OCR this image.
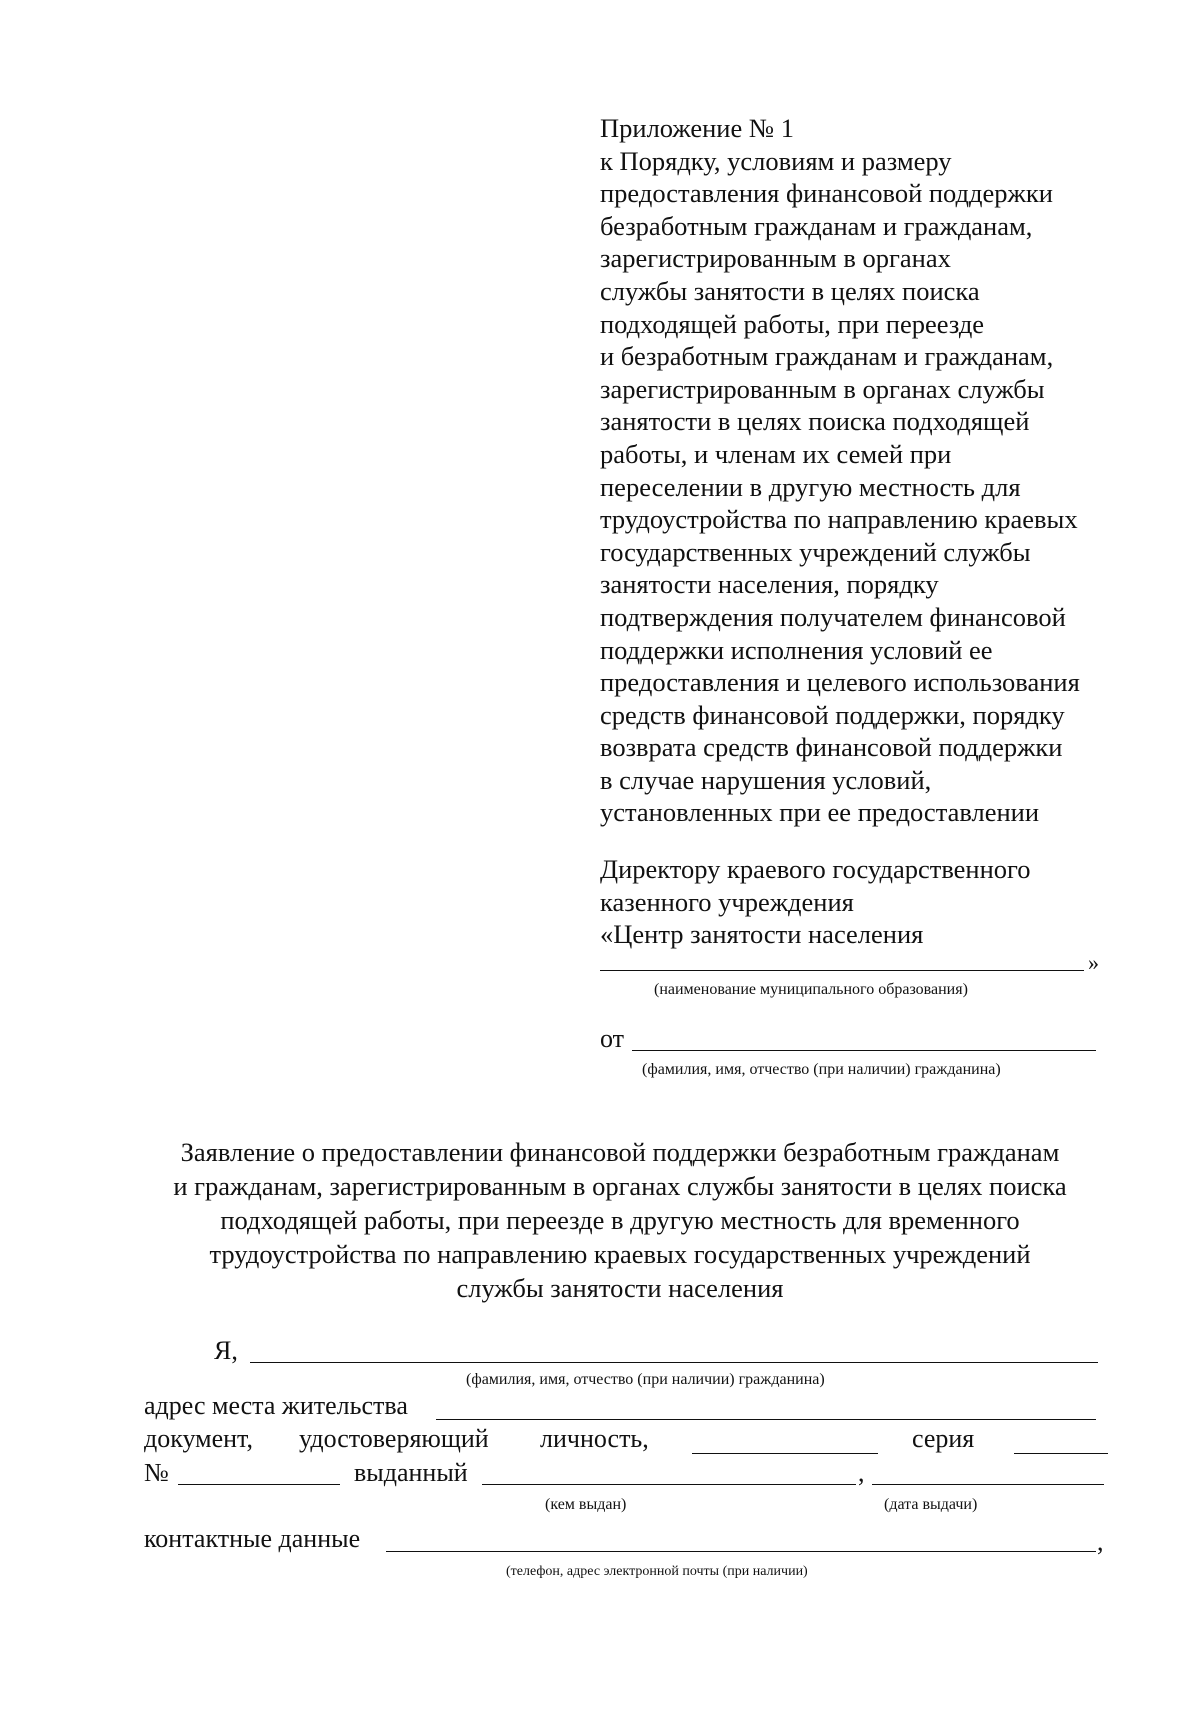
Приложение № 1
к Порядку, условиям и размеру
предоставления финансовой поддержки
безработным гражданам и гражданам,
зарегистрированным в органах
службы занятости в целях поиска
подходящей работы, при переезде
и безработным гражданам и гражданам,
зарегистрированным в органах службы
занятости в целях поиска подходящей
работы, и членам их семей при
переселении в другую местность для
трудоустройства по направлению краевых
государственных учреждений службы
занятости населения, порядку
подтверждения получателем финансовой
поддержки исполнения условий ее
предоставления и целевого использования
средств финансовой поддержки, порядку
возврата средств финансовой поддержки
в случае нарушения условий,
установленных при ее предоставлении
Директору краевого государственного
казенного учреждения
«Центр занятости населения
»
(наименование муниципального образования)
от
(фамилия, имя, отчество (при наличии) гражданина)
Заявление о предоставлении финансовой поддержки безработным гражданам
и гражданам, зарегистрированным в органах службы занятости в целях поиска
подходящей работы, при переезде в другую местность для временного
трудоустройства по направлению краевых государственных учреждений
службы занятости населения
Я,
(фамилия, имя, отчество (при наличии) гражданина)
адрес места жительства
документ, удостоверяющий личность,	серия
№	выданный	,
(кем выдан)	(дата выдачи)
контактные данные	,
(телефон, адрес электронной почты (при наличии)
